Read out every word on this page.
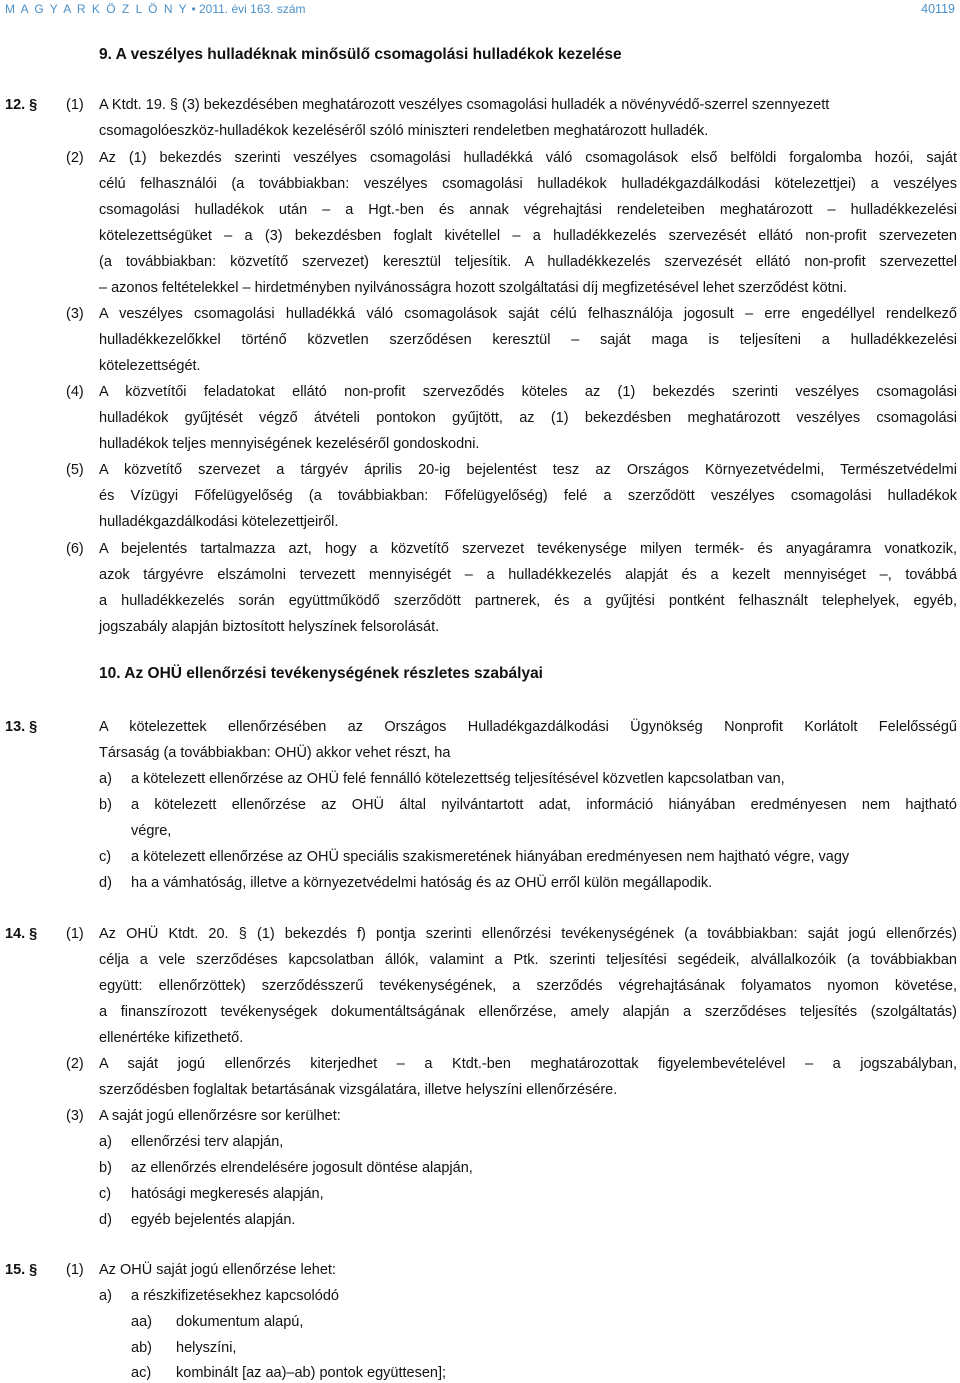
M A G Y A R K Ö Z L Ö N Y • 2011. évi 163. szám	40119
9. A veszélyes hulladéknak minősülő csomagolási hulladékok kezelése
12. § (1) A Ktdt. 19. § (3) bekezdésében meghatározott veszélyes csomagolási hulladék a növényvédő-szerrel szennyezett
csomagolóeszköz-hulladékok kezeléséről szóló miniszteri rendeletben meghatározott hulladék.
(2) Az (1) bekezdés szerinti veszélyes csomagolási hulladékká váló csomagolások első belföldi forgalomba hozói, saját
célú felhasználói (a továbbiakban: veszélyes csomagolási hulladékok hulladékgazdálkodási kötelezettjei) a veszélyes
csomagolási hulladékok után – a Hgt.-ben és annak végrehajtási rendeleteiben meghatározott – hulladékkezelési
kötelezettségüket – a (3) bekezdésben foglalt kivétellel – a hulladékkezelés szervezését ellátó non-profit szervezeten
(a továbbiakban: közvetítő szervezet) keresztül teljesítik. A hulladékkezelés szervezését ellátó non-profit szervezettel
– azonos feltételekkel – hirdetményben nyilvánosságra hozott szolgáltatási díj megfizetésével lehet szerződést kötni.
(3) A veszélyes csomagolási hulladékká váló csomagolások saját célú felhasználója jogosult – erre engedéllyel rendelkező
hulladékkezelőkkel történő közvetlen szerződésen keresztül – saját maga is teljesíteni a hulladékkezelési
kötelezettségét.
(4) A közvetítői feladatokat ellátó non-profit szerveződés köteles az (1) bekezdés szerinti veszélyes csomagolási
hulladékok gyűjtését végző átvételi pontokon gyűjtött, az (1) bekezdésben meghatározott veszélyes csomagolási
hulladékok teljes mennyiségének kezeléséről gondoskodni.
(5) A közvetítő szervezet a tárgyév április 20-ig bejelentést tesz az Országos Környezetvédelmi, Természetvédelmi
és Vízügyi Főfelügyelőség (a továbbiakban: Főfelügyelőség) felé a szerződött veszélyes csomagolási hulladékok
hulladékgazdálkodási kötelezettjeiről.
(6) A bejelentés tartalmazza azt, hogy a közvetítő szervezet tevékenysége milyen termék- és anyagáramra vonatkozik,
azok tárgyévre elszámolni tervezett mennyiségét – a hulladékkezelés alapját és a kezelt mennyiséget –, továbbá
a hulladékkezelés során együttműködő szerződött partnerek, és a gyűjtési pontként felhasznált telephelyek, egyéb,
jogszabály alapján biztosított helyszínek felsorolását.
10. Az OHÜ ellenőrzési tevékenységének részletes szabályai
13. §	A kötelezettek ellenőrzésében az Országos Hulladékgazdálkodási Ügynökség Nonprofit Korlátolt Felelősségű
Társaság (a továbbiakban: OHÜ) akkor vehet részt, ha
a) a kötelezett ellenőrzése az OHÜ felé fennálló kötelezettség teljesítésével közvetlen kapcsolatban van,
b) a kötelezett ellenőrzése az OHÜ által nyilvántartott adat, információ hiányában eredményesen nem hajtható
végre,
c) a kötelezett ellenőrzése az OHÜ speciális szakismeretének hiányában eredményesen nem hajtható végre, vagy
d) ha a vámhatóság, illetve a környezetvédelmi hatóság és az OHÜ erről külön megállapodik.
14. § (1) Az OHÜ Ktdt. 20. § (1) bekezdés f) pontja szerinti ellenőrzési tevékenységének (a továbbiakban: saját jogú ellenőrzés)
célja a vele szerződéses kapcsolatban állók, valamint a Ptk. szerinti teljesítési segédeik, alvállalkozóik (a továbbiakban
együtt: ellenőrzöttek) szerződésszerű tevékenységének, a szerződés végrehajtásának folyamatos nyomon követése,
a finanszírozott tevékenységek dokumentáltságának ellenőrzése, amely alapján a szerződéses teljesítés (szolgáltatás)
ellenértéke kifizethető.
(2) A saját jogú ellenőrzés kiterjedhet – a Ktdt.-ben meghatározottak figyelembevételével – a jogszabályban,
szerződésben foglaltak betartásának vizsgálatára, illetve helyszíni ellenőrzésére.
(3) A saját jogú ellenőrzésre sor kerülhet:
a) ellenőrzési terv alapján,
b) az ellenőrzés elrendelésére jogosult döntése alapján,
c) hatósági megkeresés alapján,
d) egyéb bejelentés alapján.
15. § (1) Az OHÜ saját jogú ellenőrzése lehet:
a) a részkifizetésekhez kapcsolódó
aa) dokumentum alapú,
ab) helyszíni,
ac) kombinált [az aa)–ab) pontok együttesen];
